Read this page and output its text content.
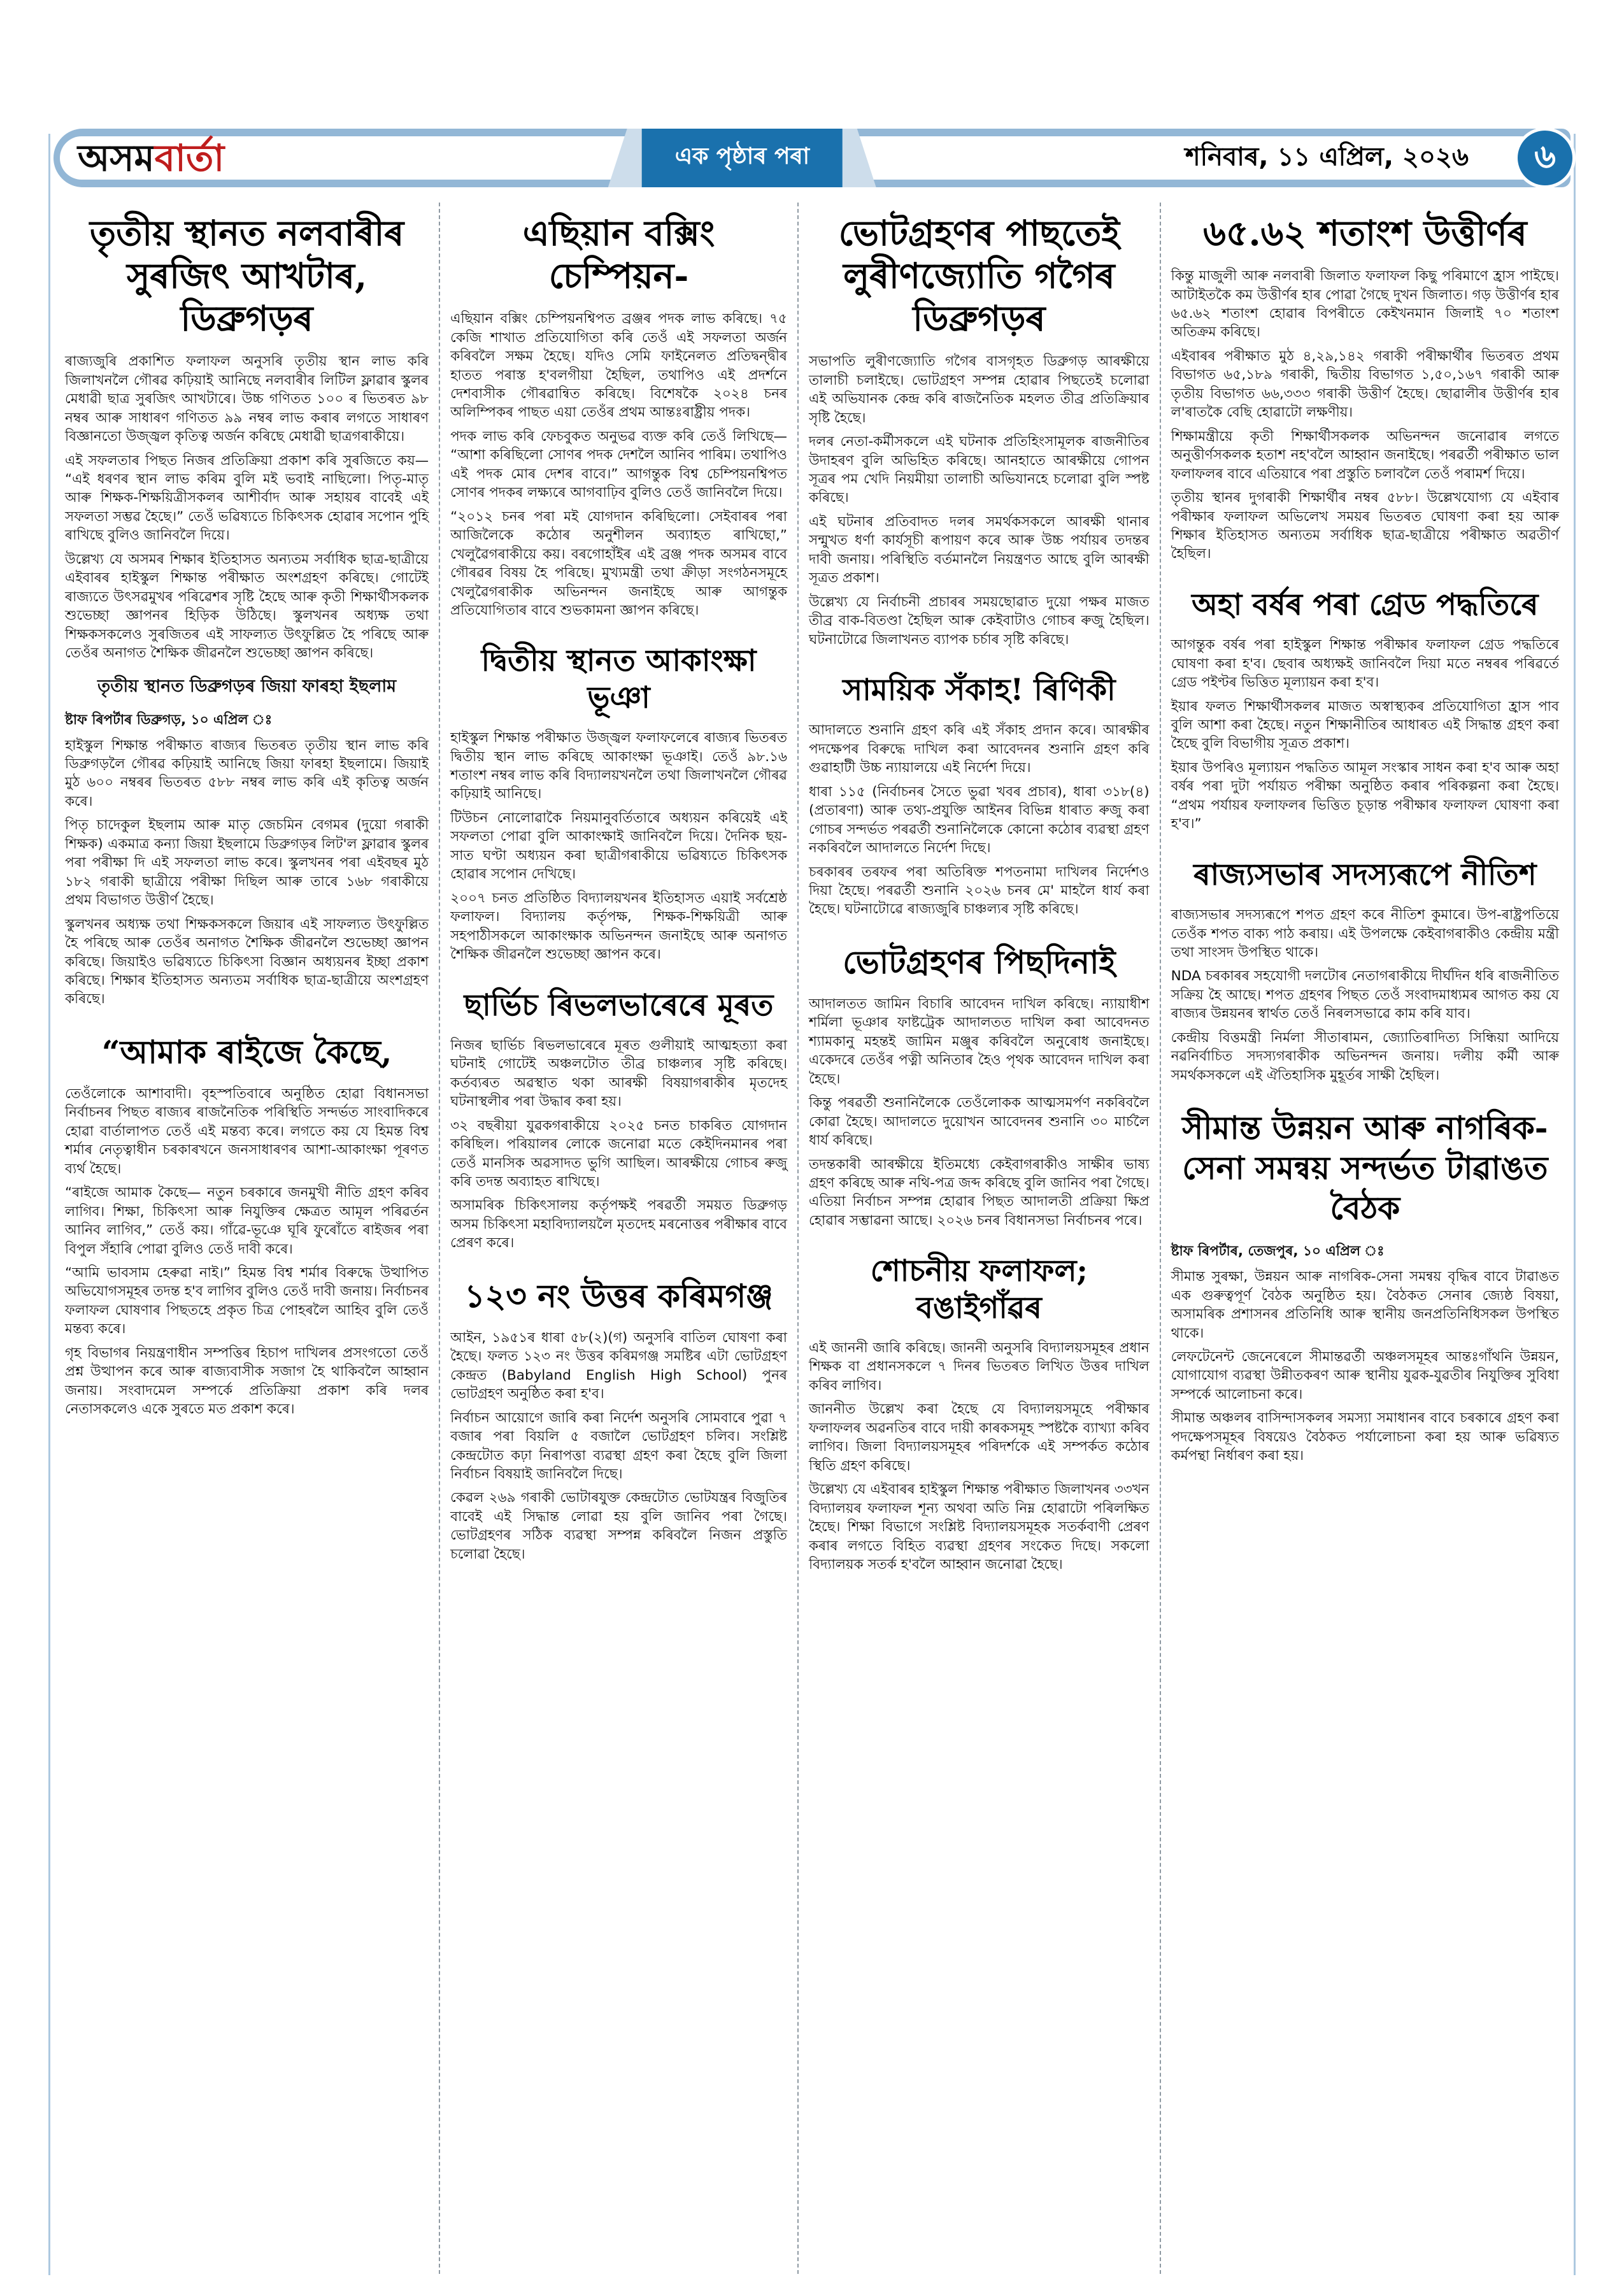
অসম বার্তা	এক পৃষ্ঠাৰ পৰা	শনিবাৰ, ১১ এপ্ৰিল, ২০২৬	৬
তৃতীয় স্থানত নলবাৰীৰ সুৰজিৎ আখটাৰ, ডিব্ৰুগড়ৰ

ৰাজ্যজুৰি প্ৰকাশিত ফলাফল অনুসৰি তৃতীয় স্থান লাভ কৰি জিলাখনলৈ গৌৰৱ কঢ়িয়াই আনিছে নলবাৰীৰ লিটিল ফ্লাৱাৰ স্কুলৰ মেধাৱী ছাত্ৰ সুৰজিৎ আখটাৰে। উচ্চ গণিতত ১০০ ৰ ভিতৰত ৯৮ নম্বৰ আৰু সাধাৰণ গণিতত ৯৯ নম্বৰ লাভ কৰাৰ লগতে সাধাৰণ বিজ্ঞানতো উজ্জ্বল কৃতিত্ব অৰ্জন কৰিছে মেধাৱী ছাত্ৰগৰাকীয়ে।

এই সফলতাৰ পিছত নিজৰ প্ৰতিক্ৰিয়া প্ৰকাশ কৰি সুৰজিতে কয়— “এই ধৰণৰ স্থান লাভ কৰিম বুলি মই ভবাই নাছিলো। পিতৃ-মাতৃ আৰু শিক্ষক-শিক্ষয়িত্ৰীসকলৰ আশীৰ্বাদ আৰু সহায়ৰ বাবেই এই সফলতা সম্ভৱ হৈছে।” তেওঁ ভৱিষ্যতে চিকিৎসক হোৱাৰ সপোন পুহি ৰাখিছে বুলিও জানিবলৈ দিয়ে।

উল্লেখ্য যে অসমৰ শিক্ষাৰ ইতিহাসত অন্যতম সৰ্বাধিক ছাত্ৰ-ছাত্ৰীয়ে এইবাৰৰ হাইস্কুল শিক্ষান্ত পৰীক্ষাত অংশগ্ৰহণ কৰিছে। গোটেই ৰাজ্যতে উৎসৱমুখৰ পৰিৱেশৰ সৃষ্টি হৈছে আৰু কৃতী শিক্ষাৰ্থীসকলক শুভেচ্ছা জ্ঞাপনৰ হিড়িক উঠিছে। স্কুলখনৰ অধ্যক্ষ তথা শিক্ষকসকলেও সুৰজিতৰ এই সাফল্যত উৎফুল্লিত হৈ পৰিছে আৰু তেওঁৰ অনাগত শৈক্ষিক জীৱনলৈ শুভেচ্ছা জ্ঞাপন কৰিছে।

তৃতীয় স্থানত ডিব্ৰুগড়ৰ জিয়া ফাৰহা ইছলাম

ষ্টাফ ৰিপৰ্টাৰ ডিব্ৰুগড়, ১০ এপ্ৰিল ঃ

হাইস্কুল শিক্ষান্ত পৰীক্ষাত ৰাজ্যৰ ভিতৰত তৃতীয় স্থান লাভ কৰি ডিব্ৰুগড়লৈ গৌৰৱ কঢ়িয়াই আনিছে জিয়া ফাৰহা ইছলামে। জিয়াই মুঠ ৬০০ নম্বৰৰ ভিতৰত ৫৮৮ নম্বৰ লাভ কৰি এই কৃতিত্ব অৰ্জন কৰে।

পিতৃ চাদেকুল ইছলাম আৰু মাতৃ জেচমিন বেগমৰ (দুয়ো গৰাকী শিক্ষক) একমাত্ৰ কন্যা জিয়া ইছলামে ডিব্ৰুগড়ৰ লিট'ল ফ্লাৱাৰ স্কুলৰ পৰা পৰীক্ষা দি এই সফলতা লাভ কৰে। স্কুলখনৰ পৰা এইবছৰ মুঠ ১৮২ গৰাকী ছাত্ৰীয়ে পৰীক্ষা দিছিল আৰু তাৰে ১৬৮ গৰাকীয়ে প্ৰথম বিভাগত উত্তীৰ্ণ হৈছে।

স্কুলখনৰ অধ্যক্ষ তথা শিক্ষকসকলে জিয়াৰ এই সাফল্যত উৎফুল্লিত হৈ পৰিছে আৰু তেওঁৰ অনাগত শৈক্ষিক জীৱনলৈ শুভেচ্ছা জ্ঞাপন কৰিছে। জিয়াইও ভৱিষ্যতে চিকিৎসা বিজ্ঞান অধ্যয়নৰ ইচ্ছা প্ৰকাশ কৰিছে। শিক্ষাৰ ইতিহাসত অন্যতম সৰ্বাধিক ছাত্ৰ-ছাত্ৰীয়ে অংশগ্ৰহণ কৰিছে।

“আমাক ৰাইজে কৈছে,

তেওঁলোকে আশাবাদী। বৃহস্পতিবাৰে অনুষ্ঠিত হোৱা বিধানসভা নিৰ্বাচনৰ পিছত ৰাজ্যৰ ৰাজনৈতিক পৰিস্থিতি সন্দৰ্ভত সাংবাদিকৰে হোৱা বাৰ্তালাপত তেওঁ এই মন্তব্য কৰে। লগতে কয় যে হিমন্ত বিশ্ব শৰ্মাৰ নেতৃত্বাধীন চৰকাৰখনে জনসাধাৰণৰ আশা-আকাংক্ষা পূৰণত ব্যৰ্থ হৈছে।

“ৰাইজে আমাক কৈছে— নতুন চৰকাৰে জনমুখী নীতি গ্ৰহণ কৰিব লাগিব। শিক্ষা, চিকিৎসা আৰু নিযুক্তিৰ ক্ষেত্ৰত আমূল পৰিৱৰ্তন আনিব লাগিব,” তেওঁ কয়। গাঁৱে-ভূঞে ঘূৰি ফুৰোঁতে ৰাইজৰ পৰা বিপুল সঁহাৰি পোৱা বুলিও তেওঁ দাবী কৰে।

“আমি ভাবসাম হেৰুৱা নাই।” হিমন্ত বিশ্ব শৰ্মাৰ বিৰুদ্ধে উত্থাপিত অভিযোগসমূহৰ তদন্ত হ'ব লাগিব বুলিও তেওঁ দাবী জনায়। নিৰ্বাচনৰ ফলাফল ঘোষণাৰ পিছতহে প্ৰকৃত চিত্ৰ পোহৰলৈ আহিব বুলি তেওঁ মন্তব্য কৰে।

গৃহ বিভাগৰ নিয়ন্ত্ৰণাধীন সম্পত্তিৰ হিচাপ দাখিলৰ প্ৰসংগতো তেওঁ প্ৰশ্ন উত্থাপন কৰে আৰু ৰাজ্যবাসীক সজাগ হৈ থাকিবলৈ আহ্বান জনায়। সংবাদমেল সম্পৰ্কে প্ৰতিক্ৰিয়া প্ৰকাশ কৰি দলৰ নেতাসকলেও একে সুৰতে মত প্ৰকাশ কৰে।

এছিয়ান বক্সিং চেম্পিয়ন-

এছিয়ান বক্সিং চেম্পিয়নশ্বিপত ব্ৰঞ্জৰ পদক লাভ কৰিছে। ৭৫ কেজি শাখাত প্ৰতিযোগিতা কৰি তেওঁ এই সফলতা অৰ্জন কৰিবলৈ সক্ষম হৈছে। যদিও সেমি ফাইনেলত প্ৰতিদ্বন্দ্বীৰ হাতত পৰাস্ত হ'বলগীয়া হৈছিল, তথাপিও এই প্ৰদৰ্শনে দেশবাসীক গৌৰৱান্বিত কৰিছে। বিশেষকৈ ২০২৪ চনৰ অলিম্পিকৰ পাছত এয়া তেওঁৰ প্ৰথম আন্তঃৰাষ্ট্ৰীয় পদক।

পদক লাভ কৰি ফেচবুকত অনুভৱ ব্যক্ত কৰি তেওঁ লিখিছে— “আশা কৰিছিলো সোণৰ পদক দেশলৈ আনিব পাৰিম। তথাপিও এই পদক মোৰ দেশৰ বাবে।” আগন্তুক বিশ্ব চেম্পিয়নশ্বিপত সোণৰ পদকৰ লক্ষ্যৰে আগবাঢ়িব বুলিও তেওঁ জানিবলৈ দিয়ে।

“২০১২ চনৰ পৰা মই যোগদান কৰিছিলো। সেইবাৰৰ পৰা আজিলৈকে কঠোৰ অনুশীলন অব্যাহত ৰাখিছো,” খেলুৱৈগৰাকীয়ে কয়। বৰগোহাঁইৰ এই ব্ৰঞ্জ পদক অসমৰ বাবে গৌৰৱৰ বিষয় হৈ পৰিছে। মুখ্যমন্ত্ৰী তথা ক্ৰীড়া সংগঠনসমূহে খেলুৱৈগৰাকীক অভিনন্দন জনাইছে আৰু আগন্তুক প্ৰতিযোগিতাৰ বাবে শুভকামনা জ্ঞাপন কৰিছে।

দ্বিতীয় স্থানত আকাংক্ষা ভূঞা

হাইস্কুল শিক্ষান্ত পৰীক্ষাত উজ্জ্বল ফলাফলেৰে ৰাজ্যৰ ভিতৰত দ্বিতীয় স্থান লাভ কৰিছে আকাংক্ষা ভূঞাই। তেওঁ ৯৮.১৬ শতাংশ নম্বৰ লাভ কৰি বিদ্যালয়খনলৈ তথা জিলাখনলৈ গৌৰৱ কঢ়িয়াই আনিছে।

টিউচন নোলোৱাকৈ নিয়মানুবৰ্তিতাৰে অধ্যয়ন কৰিয়েই এই সফলতা পোৱা বুলি আকাংক্ষাই জানিবলৈ দিয়ে। দৈনিক ছয়-সাত ঘণ্টা অধ্যয়ন কৰা ছাত্ৰীগৰাকীয়ে ভৱিষ্যতে চিকিৎসক হোৱাৰ সপোন দেখিছে।

২০০৭ চনত প্ৰতিষ্ঠিত বিদ্যালয়খনৰ ইতিহাসত এয়াই সৰ্বশ্ৰেষ্ঠ ফলাফল। বিদ্যালয় কৰ্তৃপক্ষ, শিক্ষক-শিক্ষয়িত্ৰী আৰু সহপাঠীসকলে আকাংক্ষাক অভিনন্দন জনাইছে আৰু অনাগত শৈক্ষিক জীৱনলৈ শুভেচ্ছা জ্ঞাপন কৰে।

ছাৰ্ভিচ ৰিভলভাৰেৰে মূৰত

নিজৰ ছাৰ্ভিচ ৰিভলভাৰেৰে মূৰত গুলীয়াই আত্মহত্যা কৰা ঘটনাই গোটেই অঞ্চলটোত তীব্ৰ চাঞ্চল্যৰ সৃষ্টি কৰিছে। কৰ্তব্যৰত অৱস্থাত থকা আৰক্ষী বিষয়াগৰাকীৰ মৃতদেহ ঘটনাস্থলীৰ পৰা উদ্ধাৰ কৰা হয়।

৩২ বছৰীয়া যুৱকগৰাকীয়ে ২০২৫ চনত চাকৰিত যোগদান কৰিছিল। পৰিয়ালৰ লোকে জনোৱা মতে কেইদিনমানৰ পৰা তেওঁ মানসিক অৱসাদত ভুগি আছিল। আৰক্ষীয়ে গোচৰ ৰুজু কৰি তদন্ত অব্যাহত ৰাখিছে।

অসামৰিক চিকিৎসালয় কৰ্তৃপক্ষই পৰৱৰ্তী সময়ত ডিব্ৰুগড় অসম চিকিৎসা মহাবিদ্যালয়লৈ মৃতদেহ মৰনোত্তৰ পৰীক্ষাৰ বাবে প্ৰেৰণ কৰে।

১২৩ নং উত্তৰ কৰিমগঞ্জ

আইন, ১৯৫১ৰ ধাৰা ৫৮(২)(গ) অনুসৰি বাতিল ঘোষণা কৰা হৈছে। ফলত ১২৩ নং উত্তৰ কৰিমগঞ্জ সমষ্টিৰ এটা ভোটগ্ৰহণ কেন্দ্ৰত (Babyland English High School) পুনৰ ভোটগ্ৰহণ অনুষ্ঠিত কৰা হ'ব।

নিৰ্বাচন আয়োগে জাৰি কৰা নিৰ্দেশ অনুসৰি সোমবাৰে পুৱা ৭ বজাৰ পৰা বিয়লি ৫ বজালৈ ভোটগ্ৰহণ চলিব। সংশ্লিষ্ট কেন্দ্ৰটোত কঢ়া নিৰাপত্তা ব্যৱস্থা গ্ৰহণ কৰা হৈছে বুলি জিলা নিৰ্বাচন বিষয়াই জানিবলৈ দিছে।

কেৱল ২৬৯ গৰাকী ভোটাৰযুক্ত কেন্দ্ৰটোত ভোটযন্ত্ৰৰ বিজুতিৰ বাবেই এই সিদ্ধান্ত লোৱা হয় বুলি জানিব পৰা গৈছে। ভোটগ্ৰহণৰ সঠিক ব্যৱস্থা সম্পন্ন কৰিবলৈ নিজন প্ৰস্তুতি চলোৱা হৈছে।

ভোটগ্ৰহণৰ পাছতেই লুৰীণজ্যোতি গগৈৰ ডিব্ৰুগড়ৰ

সভাপতি লুৰীণজ্যোতি গগৈৰ বাসগৃহত ডিব্ৰুগড় আৰক্ষীয়ে তালাচী চলাইছে। ভোটগ্ৰহণ সম্পন্ন হোৱাৰ পিছতেই চলোৱা এই অভিযানক কেন্দ্ৰ কৰি ৰাজনৈতিক মহলত তীব্ৰ প্ৰতিক্ৰিয়াৰ সৃষ্টি হৈছে।

দলৰ নেতা-কৰ্মীসকলে এই ঘটনাক প্ৰতিহিংসামূলক ৰাজনীতিৰ উদাহৰণ বুলি অভিহিত কৰিছে। আনহাতে আৰক্ষীয়ে গোপন সূত্ৰৰ পম খেদি নিয়মীয়া তালাচী অভিযানহে চলোৱা বুলি স্পষ্ট কৰিছে।

এই ঘটনাৰ প্ৰতিবাদত দলৰ সমৰ্থকসকলে আৰক্ষী থানাৰ সন্মুখত ধৰ্ণা কাৰ্যসূচী ৰূপায়ণ কৰে আৰু উচ্চ পৰ্যায়ৰ তদন্তৰ দাবী জনায়। পৰিস্থিতি বৰ্তমানলৈ নিয়ন্ত্ৰণত আছে বুলি আৰক্ষী সূত্ৰত প্ৰকাশ।

উল্লেখ্য যে নিৰ্বাচনী প্ৰচাৰৰ সময়ছোৱাত দুয়ো পক্ষৰ মাজত তীব্ৰ বাক-বিতণ্ডা হৈছিল আৰু কেইবাটাও গোচৰ ৰুজু হৈছিল। ঘটনাটোৱে জিলাখনত ব্যাপক চৰ্চাৰ সৃষ্টি কৰিছে।

সাময়িক সঁকাহ! ৰিণিকী

আদালতে শুনানি গ্ৰহণ কৰি এই সঁকাহ প্ৰদান কৰে। আৰক্ষীৰ পদক্ষেপৰ বিৰুদ্ধে দাখিল কৰা আবেদনৰ শুনানি গ্ৰহণ কৰি গুৱাহাটী উচ্চ ন্যায়ালয়ে এই নিৰ্দেশ দিয়ে।

ধাৰা ১১৫ (নিৰ্বাচনৰ সৈতে ভুৱা খবৰ প্ৰচাৰ), ধাৰা ৩১৮(৪) (প্ৰতাৰণা) আৰু তথ্য-প্ৰযুক্তি আইনৰ বিভিন্ন ধাৰাত ৰুজু কৰা গোচৰ সন্দৰ্ভত পৰৱৰ্তী শুনানিলৈকে কোনো কঠোৰ ব্যৱস্থা গ্ৰহণ নকৰিবলৈ আদালতে নিৰ্দেশ দিছে।

চৰকাৰৰ তৰফৰ পৰা অতিৰিক্ত শপতনামা দাখিলৰ নিৰ্দেশও দিয়া হৈছে। পৰৱৰ্তী শুনানি ২০২৬ চনৰ মে' মাহলৈ ধাৰ্য কৰা হৈছে। ঘটনাটোৱে ৰাজ্যজুৰি চাঞ্চল্যৰ সৃষ্টি কৰিছে।

ভোটগ্ৰহণৰ পিছদিনাই

আদালতত জামিন বিচাৰি আবেদন দাখিল কৰিছে। ন্যায়াধীশ শৰ্মিলা ভূঞাৰ ফাষ্টট্ৰেক আদালতত দাখিল কৰা আবেদনত শ্যামকানু মহন্তই জামিন মঞ্জুৰ কৰিবলৈ অনুৰোধ জনাইছে। একেদৰে তেওঁৰ পত্নী অনিতাৰ হৈও পৃথক আবেদন দাখিল কৰা হৈছে।

কিন্তু পৰৱৰ্তী শুনানিলৈকে তেওঁলোকক আত্মসমৰ্পণ নকৰিবলৈ কোৱা হৈছে। আদালতে দুয়োখন আবেদনৰ শুনানি ৩০ মাৰ্চলৈ ধাৰ্য কৰিছে।

তদন্তকাৰী আৰক্ষীয়ে ইতিমধ্যে কেইবাগৰাকীও সাক্ষীৰ ভাষ্য গ্ৰহণ কৰিছে আৰু নথি-পত্ৰ জব্দ কৰিছে বুলি জানিব পৰা গৈছে। এতিয়া নিৰ্বাচন সম্পন্ন হোৱাৰ পিছত আদালতী প্ৰক্ৰিয়া ক্ষিপ্ৰ হোৱাৰ সম্ভাৱনা আছে। ২০২৬ চনৰ বিধানসভা নিৰ্বাচনৰ পৰে।

শোচনীয় ফলাফল; বঙাইগাঁৱৰ

এই জাননী জাৰি কৰিছে। জাননী অনুসৰি বিদ্যালয়সমূহৰ প্ৰধান শিক্ষক বা প্ৰধানসকলে ৭ দিনৰ ভিতৰত লিখিত উত্তৰ দাখিল কৰিব লাগিব।

জাননীত উল্লেখ কৰা হৈছে যে বিদ্যালয়সমূহে পৰীক্ষাৰ ফলাফলৰ অৱনতিৰ বাবে দায়ী কাৰকসমূহ স্পষ্টকৈ ব্যাখ্যা কৰিব লাগিব। জিলা বিদ্যালয়সমূহৰ পৰিদৰ্শকে এই সম্পৰ্কত কঠোৰ স্থিতি গ্ৰহণ কৰিছে।

উল্লেখ্য যে এইবাৰৰ হাইস্কুল শিক্ষান্ত পৰীক্ষাত জিলাখনৰ ৩৩খন বিদ্যালয়ৰ ফলাফল শূন্য অথবা অতি নিম্ন হোৱাটো পৰিলক্ষিত হৈছে। শিক্ষা বিভাগে সংশ্লিষ্ট বিদ্যালয়সমূহক সতৰ্কবাণী প্ৰেৰণ কৰাৰ লগতে বিহিত ব্যৱস্থা গ্ৰহণৰ সংকেত দিছে। সকলো বিদ্যালয়ক সতৰ্ক হ'বলৈ আহ্বান জনোৱা হৈছে।

৬৫.৬২ শতাংশ উত্তীৰ্ণৰ

কিন্তু মাজুলী আৰু নলবাৰী জিলাত ফলাফল কিছু পৰিমাণে হ্ৰাস পাইছে। আটাইতকৈ কম উত্তীৰ্ণৰ হাৰ পোৱা গৈছে দুখন জিলাত। গড় উত্তীৰ্ণৰ হাৰ ৬৫.৬২ শতাংশ হোৱাৰ বিপৰীতে কেইখনমান জিলাই ৭০ শতাংশ অতিক্ৰম কৰিছে।

এইবাৰৰ পৰীক্ষাত মুঠ ৪,২৯,১৪২ গৰাকী পৰীক্ষাৰ্থীৰ ভিতৰত প্ৰথম বিভাগত ৬৫,১৮৯ গৰাকী, দ্বিতীয় বিভাগত ১,৫০,১৬৭ গৰাকী আৰু তৃতীয় বিভাগত ৬৬,৩৩৩ গৰাকী উত্তীৰ্ণ হৈছে। ছোৱালীৰ উত্তীৰ্ণৰ হাৰ ল'ৰাতকৈ বেছি হোৱাটো লক্ষণীয়।

শিক্ষামন্ত্ৰীয়ে কৃতী শিক্ষাৰ্থীসকলক অভিনন্দন জনোৱাৰ লগতে অনুত্তীৰ্ণসকলক হতাশ নহ'বলৈ আহ্বান জনাইছে। পৰৱৰ্তী পৰীক্ষাত ভাল ফলাফলৰ বাবে এতিয়াৰে পৰা প্ৰস্তুতি চলাবলৈ তেওঁ পৰামৰ্শ দিয়ে।

তৃতীয় স্থানৰ দুগৰাকী শিক্ষাৰ্থীৰ নম্বৰ ৫৮৮। উল্লেখযোগ্য যে এইবাৰ পৰীক্ষাৰ ফলাফল অভিলেখ সময়ৰ ভিতৰত ঘোষণা কৰা হয় আৰু শিক্ষাৰ ইতিহাসত অন্যতম সৰ্বাধিক ছাত্ৰ-ছাত্ৰীয়ে পৰীক্ষাত অৱতীৰ্ণ হৈছিল।

অহা বৰ্ষৰ পৰা গ্ৰেড পদ্ধতিৰে

আগন্তুক বৰ্ষৰ পৰা হাইস্কুল শিক্ষান্ত পৰীক্ষাৰ ফলাফল গ্ৰেড পদ্ধতিৰে ঘোষণা কৰা হ'ব। ছেবাৰ অধ্যক্ষই জানিবলৈ দিয়া মতে নম্বৰৰ পৰিৱৰ্তে গ্ৰেড পইণ্টৰ ভিত্তিত মূল্যায়ন কৰা হ'ব।

ইয়াৰ ফলত শিক্ষাৰ্থীসকলৰ মাজত অস্বাস্থ্যকৰ প্ৰতিযোগিতা হ্ৰাস পাব বুলি আশা কৰা হৈছে। নতুন শিক্ষানীতিৰ আধাৰত এই সিদ্ধান্ত গ্ৰহণ কৰা হৈছে বুলি বিভাগীয় সূত্ৰত প্ৰকাশ।

ইয়াৰ উপৰিও মূল্যায়ন পদ্ধতিত আমূল সংস্কাৰ সাধন কৰা হ'ব আৰু অহা বৰ্ষৰ পৰা দুটা পৰ্যায়ত পৰীক্ষা অনুষ্ঠিত কৰাৰ পৰিকল্পনা কৰা হৈছে। “প্ৰথম পৰ্যায়ৰ ফলাফলৰ ভিত্তিত চূড়ান্ত পৰীক্ষাৰ ফলাফল ঘোষণা কৰা হ'ব।”

ৰাজ্যসভাৰ সদস্যৰূপে নীতিশ

ৰাজ্যসভাৰ সদস্যৰূপে শপত গ্ৰহণ কৰে নীতিশ কুমাৰে। উপ-ৰাষ্ট্ৰপতিয়ে তেওঁক শপত বাক্য পাঠ কৰায়। এই উপলক্ষে কেইবাগৰাকীও কেন্দ্ৰীয় মন্ত্ৰী তথা সাংসদ উপস্থিত থাকে।

NDA চৰকাৰৰ সহযোগী দলটোৰ নেতাগৰাকীয়ে দীৰ্ঘদিন ধৰি ৰাজনীতিত সক্ৰিয় হৈ আছে। শপত গ্ৰহণৰ পিছত তেওঁ সংবাদমাধ্যমৰ আগত কয় যে ৰাজ্যৰ উন্নয়নৰ স্বাৰ্থত তেওঁ নিৰলসভাৱে কাম কৰি যাব।

কেন্দ্ৰীয় বিত্তমন্ত্ৰী নিৰ্মলা সীতাৰামন, জ্যোতিৰাদিত্য সিন্ধিয়া আদিয়ে নৱনিৰ্বাচিত সদস্যগৰাকীক অভিনন্দন জনায়। দলীয় কৰ্মী আৰু সমৰ্থকসকলে এই ঐতিহাসিক মুহূৰ্তৰ সাক্ষী হৈছিল।

সীমান্ত উন্নয়ন আৰু নাগৰিক-সেনা সমন্বয় সন্দৰ্ভত টাৱাঙত বৈঠক

ষ্টাফ ৰিপৰ্টাৰ, তেজপুৰ, ১০ এপ্ৰিল ঃ

সীমান্ত সুৰক্ষা, উন্নয়ন আৰু নাগৰিক-সেনা সমন্বয় বৃদ্ধিৰ বাবে টাৱাঙত এক গুৰুত্বপূৰ্ণ বৈঠক অনুষ্ঠিত হয়। বৈঠকত সেনাৰ জ্যেষ্ঠ বিষয়া, অসামৰিক প্ৰশাসনৰ প্ৰতিনিধি আৰু স্থানীয় জনপ্ৰতিনিধিসকল উপস্থিত থাকে।

লেফটেনেন্ট জেনেৰেলে সীমান্তৱৰ্তী অঞ্চলসমূহৰ আন্তঃগাঁথনি উন্নয়ন, যোগাযোগ ব্যৱস্থা উন্নীতকৰণ আৰু স্থানীয় যুৱক-যুৱতীৰ নিযুক্তিৰ সুবিধা সম্পৰ্কে আলোচনা কৰে।

সীমান্ত অঞ্চলৰ বাসিন্দাসকলৰ সমস্যা সমাধানৰ বাবে চৰকাৰে গ্ৰহণ কৰা পদক্ষেপসমূহৰ বিষয়েও বৈঠকত পৰ্যালোচনা কৰা হয় আৰু ভৱিষ্যত কৰ্মপন্থা নিৰ্ধাৰণ কৰা হয়।
